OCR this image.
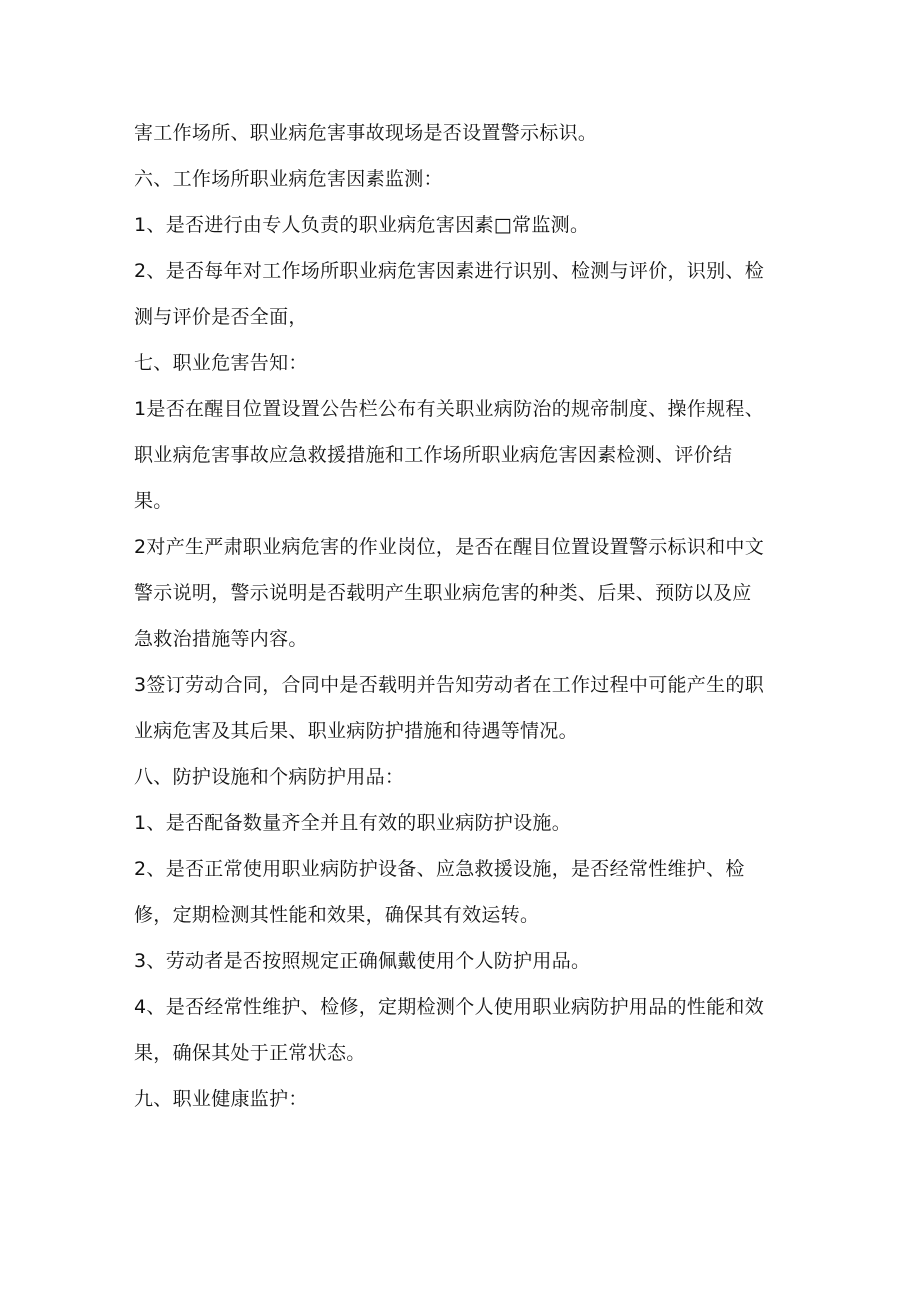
害工作场所、职业病危害事故现场是否设置警示标识。
六、工作场所职业病危害因素监测：
1、是否进行由专人负责的职业病危害因素□常监测。
2、是否每年对工作场所职业病危害因素进行识别、检测与评价，识别、检
测与评价是否全面，
七、职业危害告知：
1是否在醒目位置设置公告栏公布有关职业病防治的规帝制度、操作规程、
职业病危害事故应急救援措施和工作场所职业病危害因素检测、评价结
果。
2对产生严肃职业病危害的作业岗位，是否在醒目位置设置警示标识和中文
警示说明，警示说明是否载明产生职业病危害的种类、后果、预防以及应
急救治措施等内容。
3签订劳动合同，合同中是否载明并告知劳动者在工作过程中可能产生的职
业病危害及其后果、职业病防护措施和待遇等情况。
八、防护设施和个病防护用品：
1、是否配备数量齐全并且有效的职业病防护设施。
2、是否正常使用职业病防护设备、应急救援设施，是否经常性维护、检
修，定期检测其性能和效果，确保其有效运转。
3、劳动者是否按照规定正确佩戴使用个人防护用品。
4、是否经常性维护、检修，定期检测个人使用职业病防护用品的性能和效
果，确保其处于正常状态。
九、职业健康监护：
